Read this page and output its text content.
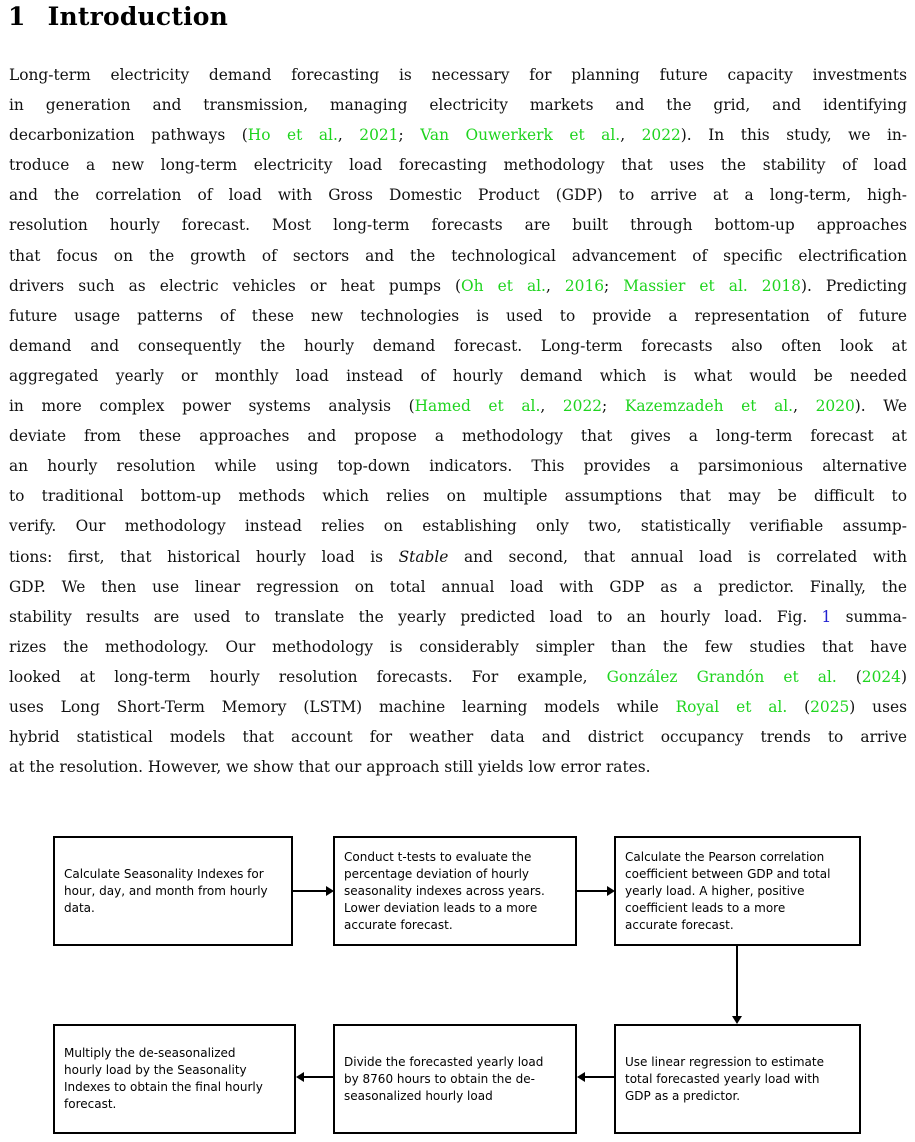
1 Introduction
Long-term electricity demand forecasting is necessary for planning future capacity investments
in generation and transmission, managing electricity markets and the grid, and identifying
decarbonization pathways (Ho et al., 2021; Van Ouwerkerk et al., 2022). In this study, we in-
troduce a new long-term electricity load forecasting methodology that uses the stability of load
and the correlation of load with Gross Domestic Product (GDP) to arrive at a long-term, high-
resolution hourly forecast. Most long-term forecasts are built through bottom-up approaches
that focus on the growth of sectors and the technological advancement of specific electrification
drivers such as electric vehicles or heat pumps (Oh et al., 2016; Massier et al. 2018). Predicting
future usage patterns of these new technologies is used to provide a representation of future
demand and consequently the hourly demand forecast. Long-term forecasts also often look at
aggregated yearly or monthly load instead of hourly demand which is what would be needed
in more complex power systems analysis (Hamed et al., 2022; Kazemzadeh et al., 2020). We
deviate from these approaches and propose a methodology that gives a long-term forecast at
an hourly resolution while using top-down indicators. This provides a parsimonious alternative
to traditional bottom-up methods which relies on multiple assumptions that may be difficult to
verify. Our methodology instead relies on establishing only two, statistically verifiable assump-
tions: first, that historical hourly load is Stable and second, that annual load is correlated with
GDP. We then use linear regression on total annual load with GDP as a predictor. Finally, the
stability results are used to translate the yearly predicted load to an hourly load. Fig. 1 summa-
rizes the methodology. Our methodology is considerably simpler than the few studies that have
looked at long-term hourly resolution forecasts. For example, González Grandón et al. (2024)
uses Long Short-Term Memory (LSTM) machine learning models while Royal et al. (2025) uses
hybrid statistical models that account for weather data and district occupancy trends to arrive
at the resolution. However, we show that our approach still yields low error rates.
Calculate Seasonality Indexes for
hour, day, and month from hourly
data.
Conduct t-tests to evaluate the
percentage deviation of hourly
seasonality indexes across years.
Lower deviation leads to a more
accurate forecast.
Calculate the Pearson correlation
coefficient between GDP and total
yearly load. A higher, positive
coefficient leads to a more
accurate forecast.
Multiply the de-seasonalized
hourly load by the Seasonality
Indexes to obtain the final hourly
forecast.
Divide the forecasted yearly load
by 8760 hours to obtain the de-
seasonalized hourly load
Use linear regression to estimate
total forecasted yearly load with
GDP as a predictor.
